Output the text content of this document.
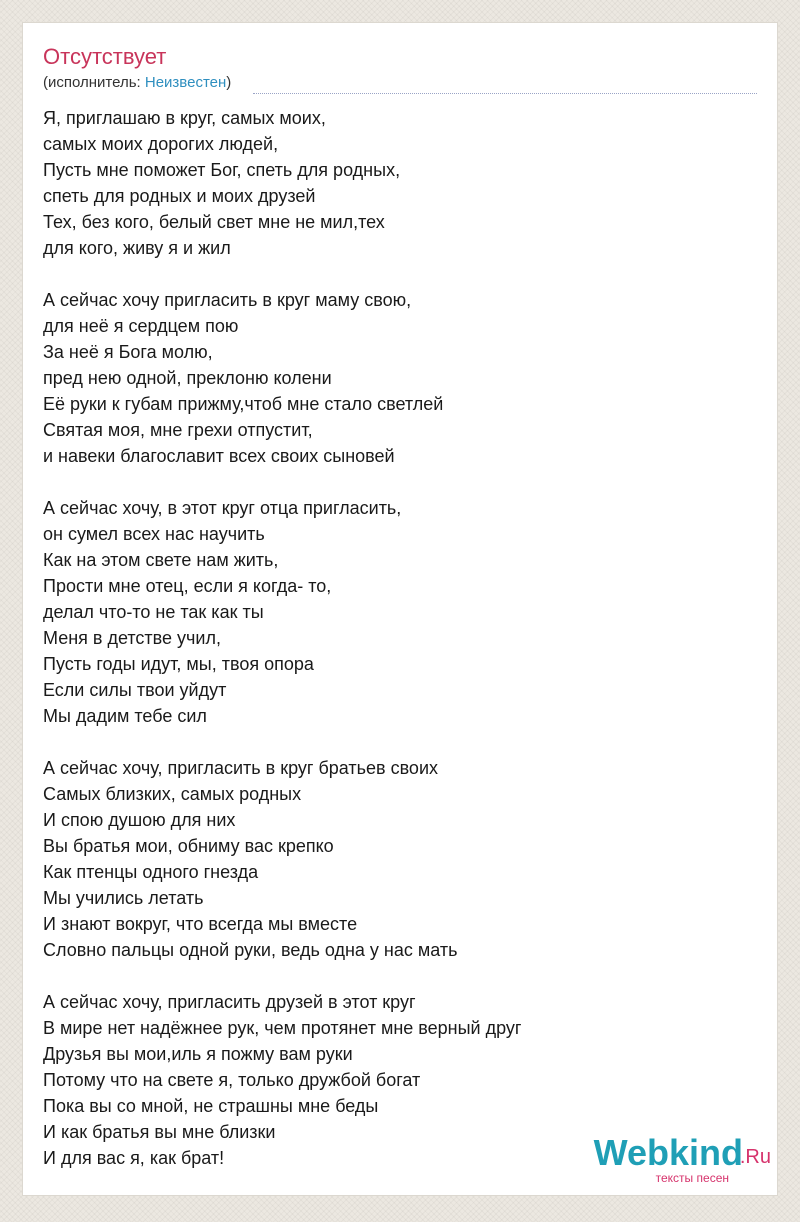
Отсутствует
(исполнитель: Неизвестен)
Я, приглашаю в круг, самых моих,
самых моих дорогих людей,
Пусть мне поможет Бог, спеть для родных,
спеть для родных и моих друзей
Тех, без кого, белый свет мне не мил,тех
для кого, живу я и жил
А сейчас хочу пригласить в круг маму свою,
для неё я сердцем пою
За неё я Бога молю,
пред нею одной, преклоню колени
Её руки к губам прижму,чтоб мне стало светлей
Святая моя, мне грехи отпустит,
и навеки благославит всех своих сыновей
А сейчас хочу, в этот круг отца пригласить,
он сумел всех нас научить
Как на этом свете нам жить,
Прости мне отец, если я когда- то,
делал что-то не так как ты
Меня в детстве учил,
Пусть годы идут, мы, твоя опора
Если силы твои уйдут
Мы дадим тебе сил
А сейчас хочу, пригласить в круг братьев своих
Самых близких, самых родных
И спою душою для них
Вы братья мои, обниму вас крепко
Как птенцы одного гнезда
Мы учились летать
И знают вокруг, что всегда мы вместе
Словно пальцы одной руки, ведь одна у нас мать
А сейчас хочу, пригласить друзей в этот круг
В мире нет надёжнее рук, чем протянет мне верный друг
Друзья вы мои,иль я пожму вам руки
Потому что на свете я, только дружбой богат
Пока вы со мной, не страшны мне беды
И как братья вы мне близки
И для вас я, как брат!	Webkind
.Ru
тексты песен
